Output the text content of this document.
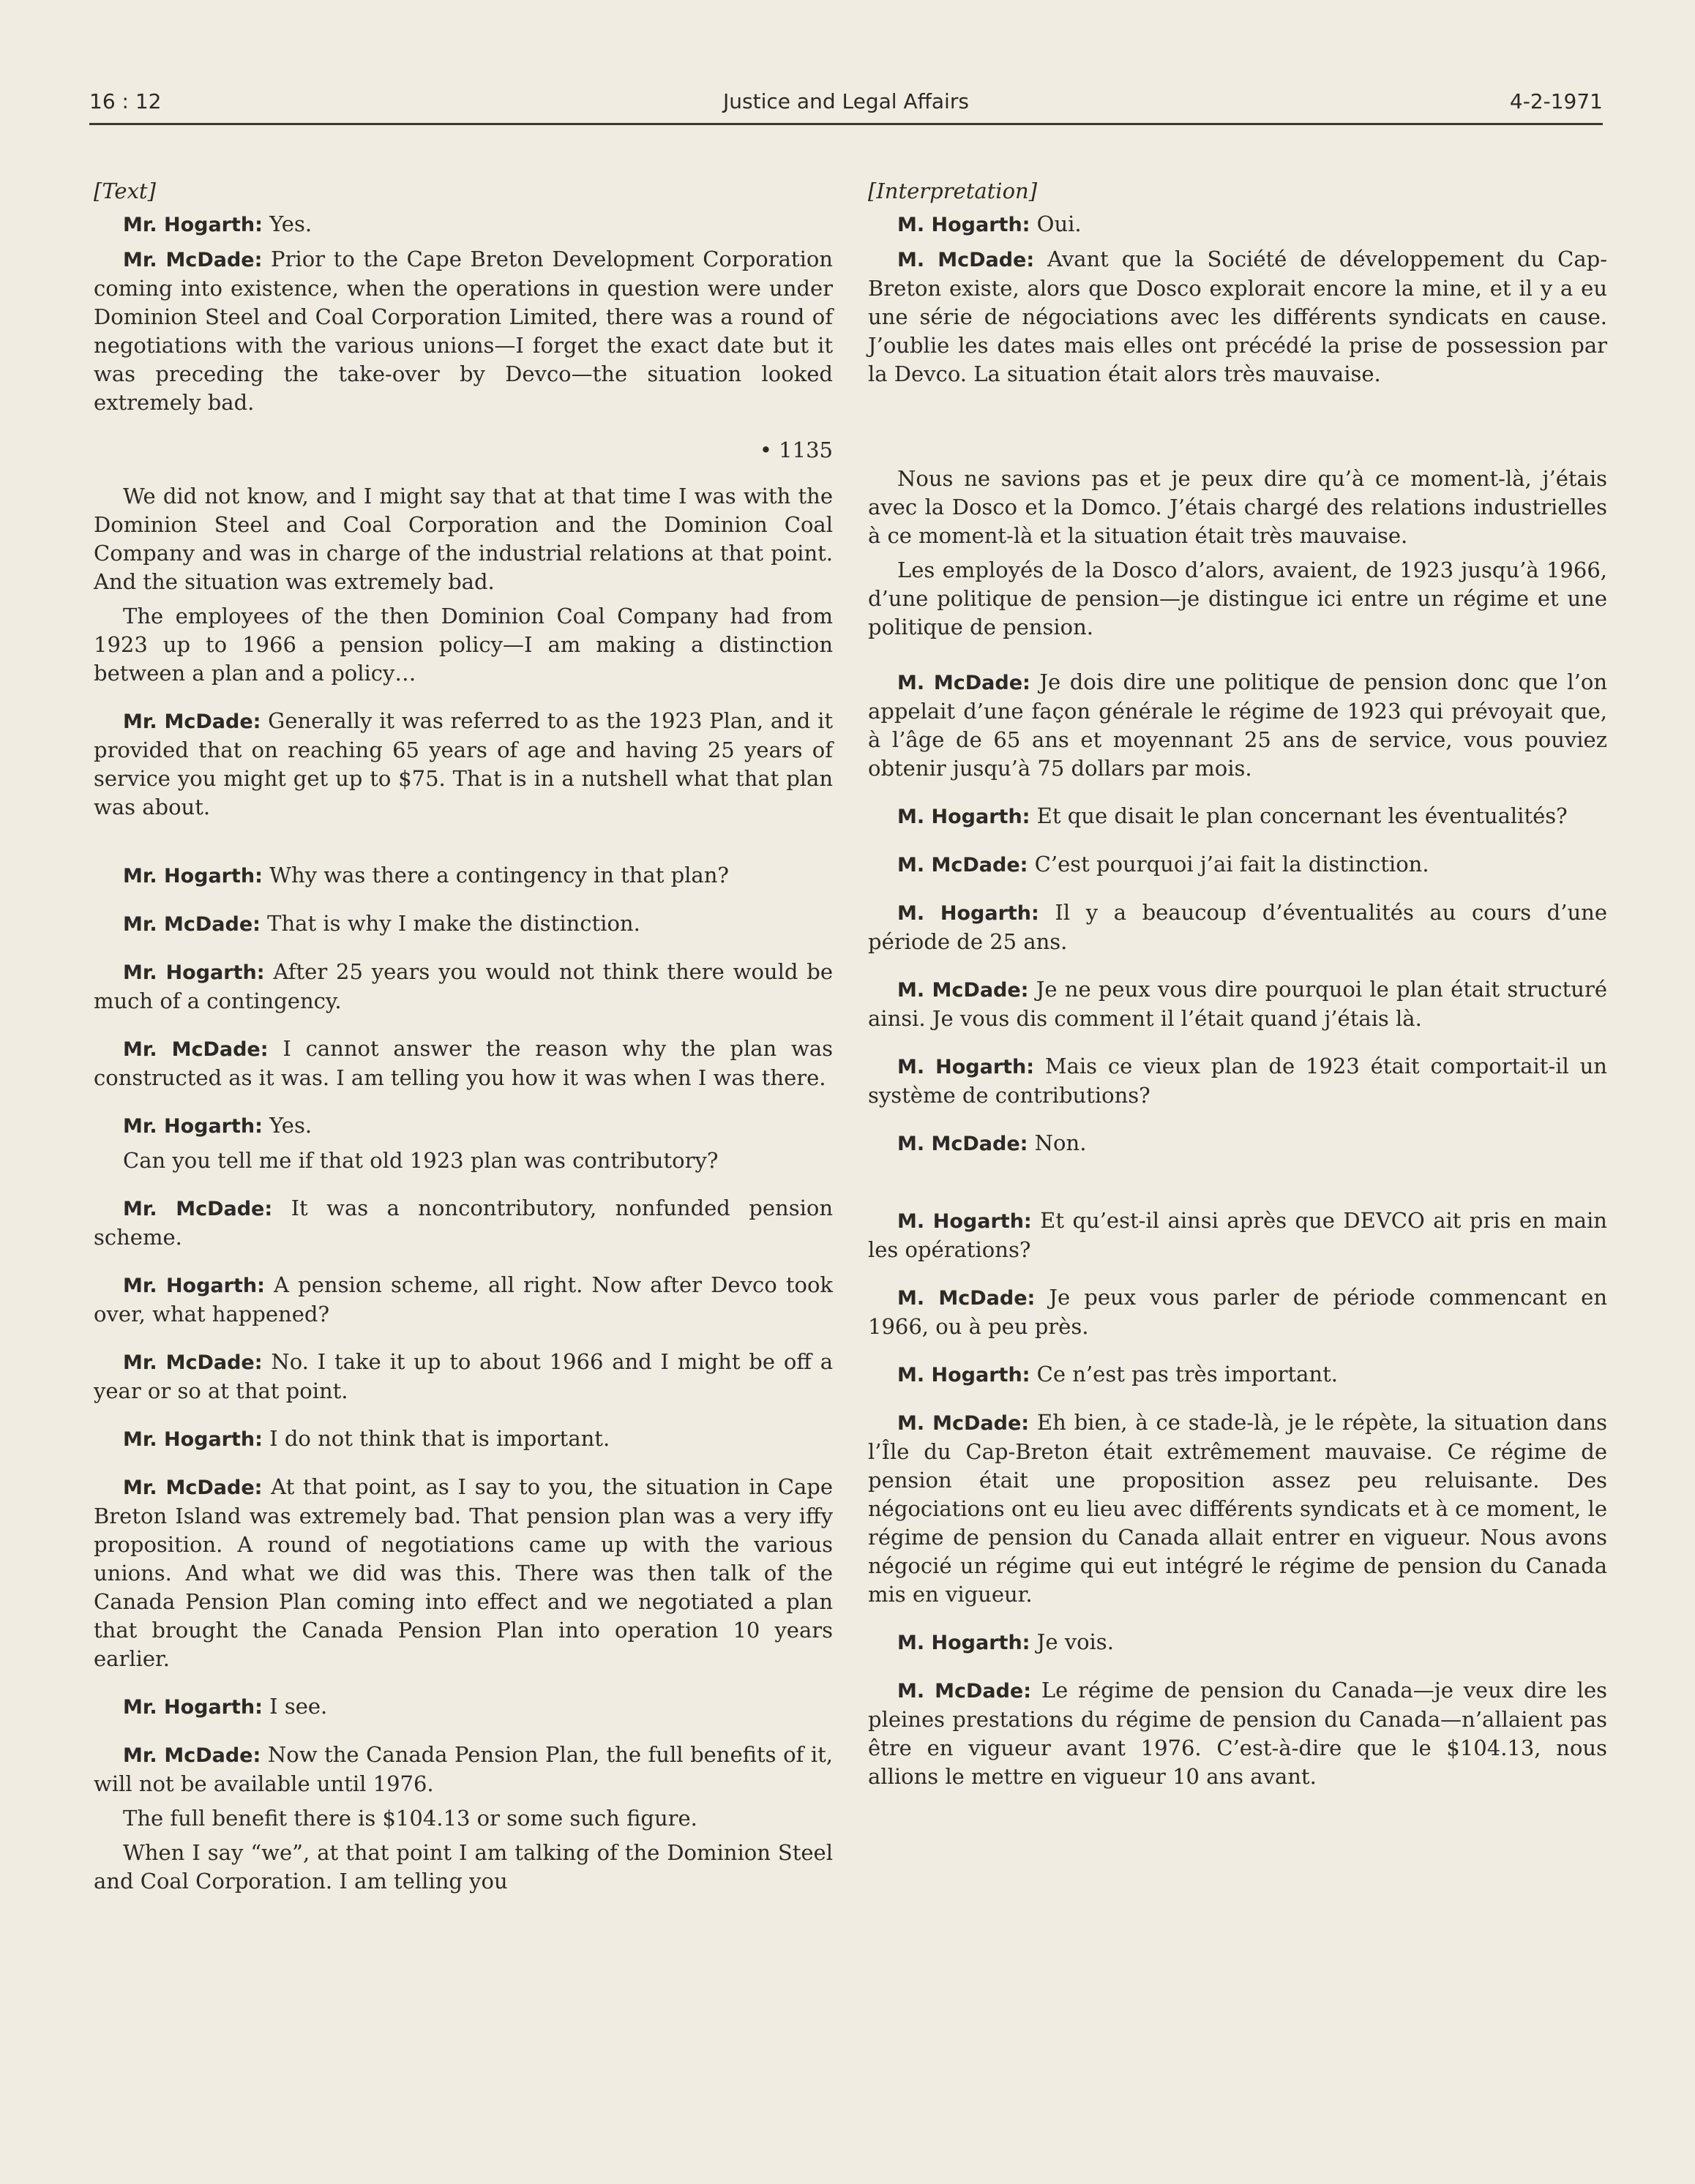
16 : 12	Justice and Legal Affairs	4-2-1971
[Text]

Mr. Hogarth: Yes.

Mr. McDade: Prior to the Cape Breton Development Corporation coming into existence, when the operations in question were under Dominion Steel and Coal Corporation Limited, there was a round of negotiations with the various unions—I forget the exact date but it was preceding the take-over by Devco—the situation looked extremely bad.

• 1135

We did not know, and I might say that at that time I was with the Dominion Steel and Coal Corporation and the Dominion Coal Company and was in charge of the industrial relations at that point. And the situation was extremely bad.

The employees of the then Dominion Coal Company had from 1923 up to 1966 a pension policy—I am making a distinction between a plan and a policy…

Mr. McDade: Generally it was referred to as the 1923 Plan, and it provided that on reaching 65 years of age and having 25 years of service you might get up to $75. That is in a nutshell what that plan was about.

Mr. Hogarth: Why was there a contingency in that plan?

Mr. McDade: That is why I make the distinction.

Mr. Hogarth: After 25 years you would not think there would be much of a contingency.

Mr. McDade: I cannot answer the reason why the plan was constructed as it was. I am telling you how it was when I was there.

Mr. Hogarth: Yes.

Can you tell me if that old 1923 plan was contributory?

Mr. McDade: It was a noncontributory, nonfunded pension scheme.

Mr. Hogarth: A pension scheme, all right. Now after Devco took over, what happened?

Mr. McDade: No. I take it up to about 1966 and I might be off a year or so at that point.

Mr. Hogarth: I do not think that is important.

Mr. McDade: At that point, as I say to you, the situation in Cape Breton Island was extremely bad. That pension plan was a very iffy proposition. A round of negotiations came up with the various unions. And what we did was this. There was then talk of the Canada Pension Plan coming into effect and we negotiated a plan that brought the Canada Pension Plan into operation 10 years earlier.

Mr. Hogarth: I see.

Mr. McDade: Now the Canada Pension Plan, the full benefits of it, will not be available until 1976.

The full benefit there is $104.13 or some such figure.

When I say “we”, at that point I am talking of the Dominion Steel and Coal Corporation. I am telling you

[Interpretation]

M. Hogarth: Oui.

M. McDade: Avant que la Société de développement du Cap-Breton existe, alors que Dosco explorait encore la mine, et il y a eu une série de négociations avec les différents syndicats en cause. J’oublie les dates mais elles ont précédé la prise de possession par la Devco. La situation était alors très mauvaise.

Nous ne savions pas et je peux dire qu’à ce moment-là, j’étais avec la Dosco et la Domco. J’étais chargé des relations industrielles à ce moment-là et la situation était très mauvaise.

Les employés de la Dosco d’alors, avaient, de 1923 jusqu’à 1966, d’une politique de pension—je distingue ici entre un régime et une politique de pension.

M. McDade: Je dois dire une politique de pension donc que l’on appelait d’une façon générale le régime de 1923 qui prévoyait que, à l’âge de 65 ans et moyennant 25 ans de service, vous pouviez obtenir jusqu’à 75 dollars par mois.

M. Hogarth: Et que disait le plan concernant les éventualités?

M. McDade: C’est pourquoi j’ai fait la distinction.

M. Hogarth: Il y a beaucoup d’éventualités au cours d’une période de 25 ans.

M. McDade: Je ne peux vous dire pourquoi le plan était structuré ainsi. Je vous dis comment il l’était quand j’étais là.

M. Hogarth: Mais ce vieux plan de 1923 était comportait-il un système de contributions?

M. McDade: Non.

M. Hogarth: Et qu’est-il ainsi après que DEVCO ait pris en main les opérations?

M. McDade: Je peux vous parler de période commencant en 1966, ou à peu près.

M. Hogarth: Ce n’est pas très important.

M. McDade: Eh bien, à ce stade-là, je le répète, la situation dans l’Île du Cap-Breton était extrêmement mauvaise. Ce régime de pension était une proposition assez peu reluisante. Des négociations ont eu lieu avec différents syndicats et à ce moment, le régime de pension du Canada allait entrer en vigueur. Nous avons négocié un régime qui eut intégré le régime de pension du Canada mis en vigueur.

M. Hogarth: Je vois.

M. McDade: Le régime de pension du Canada—je veux dire les pleines prestations du régime de pension du Canada—n’allaient pas être en vigueur avant 1976. C’est-à-dire que le $104.13, nous allions le mettre en vigueur 10 ans avant.
